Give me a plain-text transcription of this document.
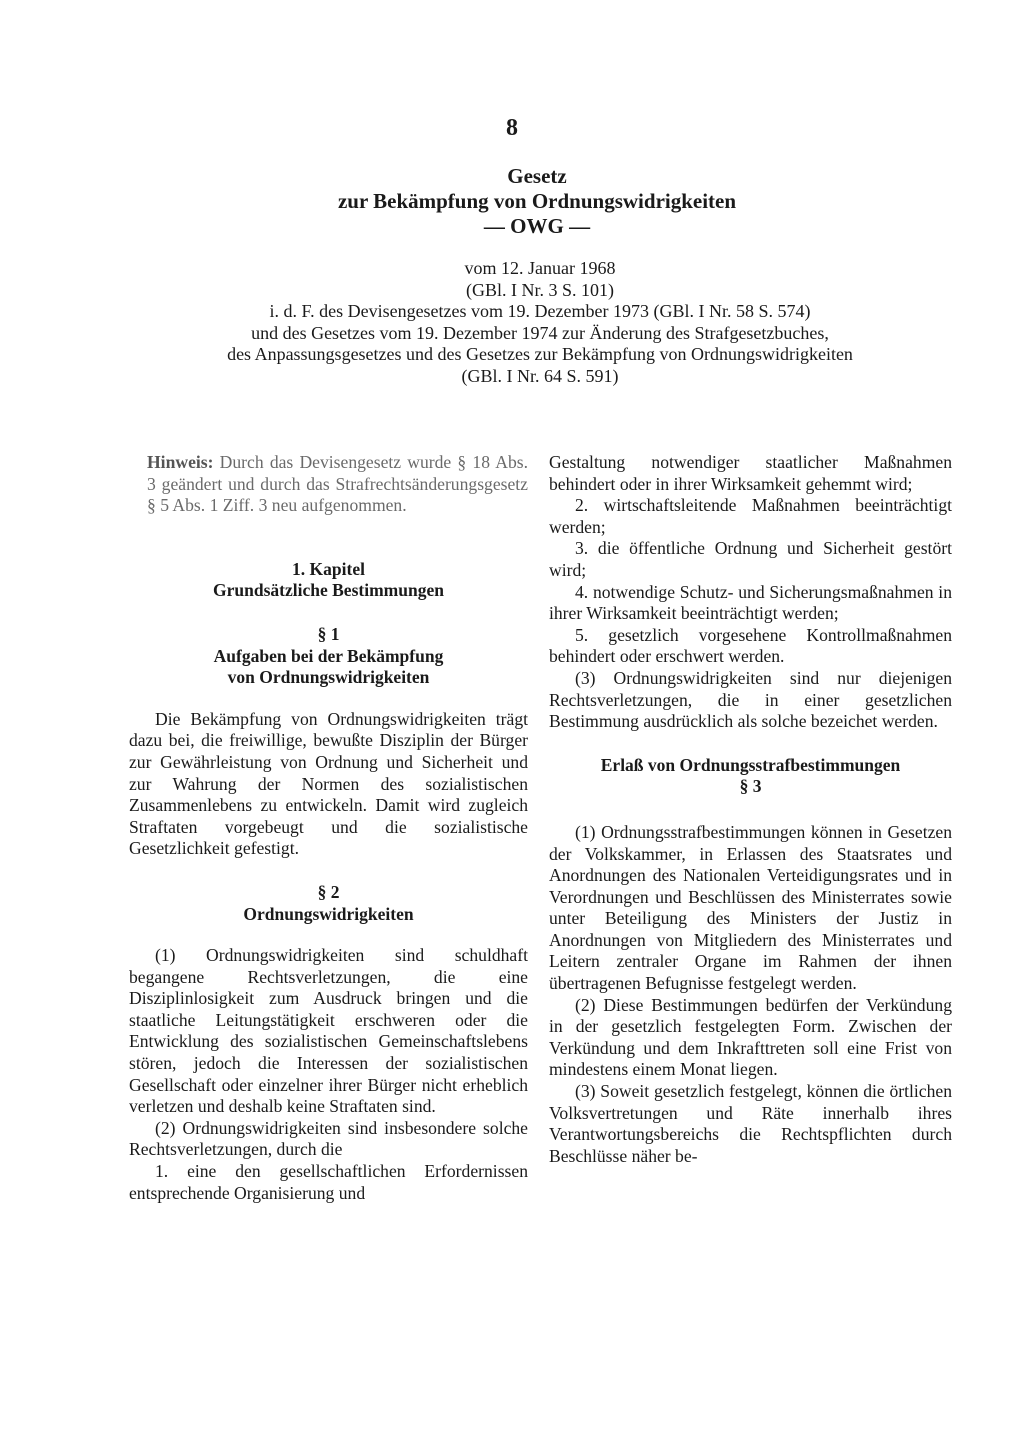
8
Gesetz
zur Bekämpfung von Ordnungswidrigkeiten
— OWG —
vom 12. Januar 1968
(GBl. I Nr. 3 S. 101)
i. d. F. des Devisengesetzes vom 19. Dezember 1973 (GBl. I Nr. 58 S. 574)
und des Gesetzes vom 19. Dezember 1974 zur Änderung des Strafgesetzbuches,
des Anpassungsgesetzes und des Gesetzes zur Bekämpfung von Ordnungswidrigkeiten
(GBl. I Nr. 64 S. 591)

Hinweis: Durch das Devisengesetz wurde § 18 Abs. 3 geändert und durch das Strafrechtsänderungsgesetz § 5 Abs. 1 Ziff. 3 neu aufgenommen.

1. Kapitel
Grundsätzliche Bestimmungen
§ 1
Aufgaben bei der Bekämpfung
von Ordnungswidrigkeiten

Die Bekämpfung von Ordnungswidrigkeiten trägt dazu bei, die freiwillige, bewußte Disziplin der Bürger zur Gewährleistung von Ordnung und Sicherheit und zur Wahrung der Normen des sozialistischen Zusammenlebens zu entwickeln. Damit wird zugleich Straftaten vorgebeugt und die sozialistische Gesetzlichkeit gefestigt.

§ 2
Ordnungswidrigkeiten

(1) Ordnungswidrigkeiten sind schuldhaft begangene Rechtsverletzungen, die eine Disziplinlosigkeit zum Ausdruck bringen und die staatliche Leitungstätigkeit erschweren oder die Entwicklung des sozialistischen Gemeinschaftslebens stören, jedoch die Interessen der sozialistischen Gesellschaft oder einzelner ihrer Bürger nicht erheblich verletzen und deshalb keine Straftaten sind.

(2) Ordnungswidrigkeiten sind insbesondere solche Rechtsverletzungen, durch die

1. eine den gesellschaftlichen Erfordernissen entsprechende Organisierung und

Gestaltung notwendiger staatlicher Maßnahmen behindert oder in ihrer Wirksamkeit gehemmt wird;

2. wirtschaftsleitende Maßnahmen beeinträchtigt werden;

3. die öffentliche Ordnung und Sicherheit gestört wird;

4. notwendige Schutz- und Sicherungsmaßnahmen in ihrer Wirksamkeit beeinträchtigt werden;

5. gesetzlich vorgesehene Kontrollmaßnahmen behindert oder erschwert werden.

(3) Ordnungswidrigkeiten sind nur diejenigen Rechtsverletzungen, die in einer gesetzlichen Bestimmung ausdrücklich als solche bezeichet werden.

Erlaß von Ordnungsstrafbestimmungen
§ 3

(1) Ordnungsstrafbestimmungen können in Gesetzen der Volkskammer, in Erlassen des Staatsrates und Anordnungen des Nationalen Verteidigungsrates und in Verordnungen und Beschlüssen des Ministerrates sowie unter Beteiligung des Ministers der Justiz in Anordnungen von Mitgliedern des Ministerrates und Leitern zentraler Organe im Rahmen der ihnen übertragenen Befugnisse festgelegt werden.

(2) Diese Bestimmungen bedürfen der Verkündung in der gesetzlich festgelegten Form. Zwischen der Verkündung und dem Inkrafttreten soll eine Frist von mindestens einem Monat liegen.

(3) Soweit gesetzlich festgelegt, können die örtlichen Volksvertretungen und Räte innerhalb ihres Verantwortungsbereichs die Rechtspflichten durch Beschlüsse näher be-
